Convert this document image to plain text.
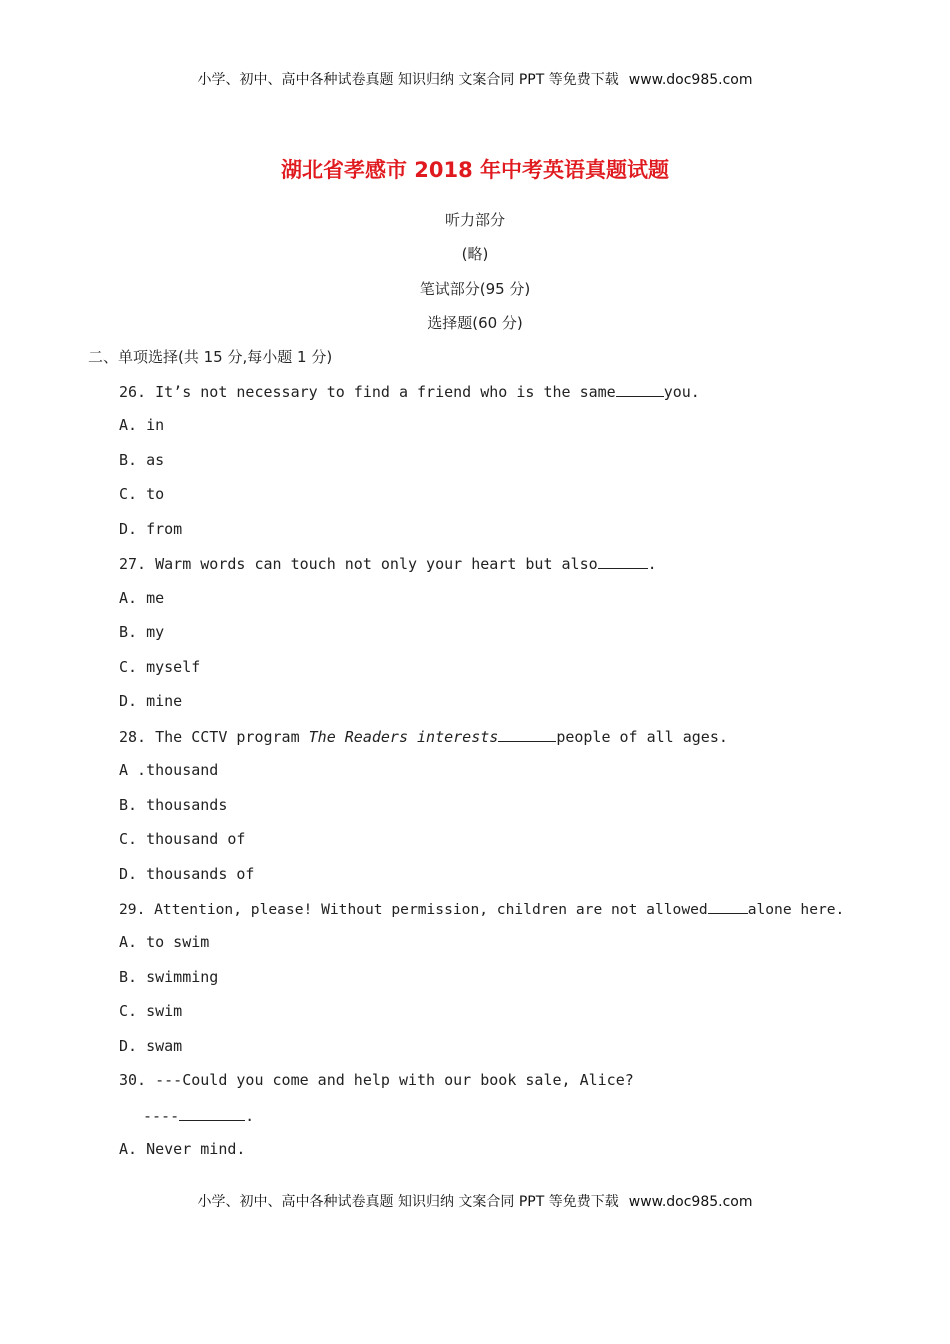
小学、初中、高中各种试卷真题 知识归纳 文案合同 PPT 等免费下载 www.doc985.com
湖北省孝感市 2018 年中考英语真题试题
听力部分
(略)
笔试部分(95 分)
选择题(60 分)
二、单项选择(共 15 分,每小题 1 分)
26. It’s not necessary to find a friend who is the same	you.
A. in
B. as
C. to
D. from
27. Warm words can touch not only your heart but also	.
A. me
B. my
C. myself
D. mine
28. The CCTV program The Readers interests	people of all ages.
A .thousand
B. thousands
C. thousand of
D. thousands of
29. Attention, please! Without permission, children are not allowed	alone here.
A. to swim
B. swimming
C. swim
D. swam
30. ---Could you come and help with our book sale, Alice?
----	.
A. Never mind.
小学、初中、高中各种试卷真题 知识归纳 文案合同 PPT 等免费下载 www.doc985.com
